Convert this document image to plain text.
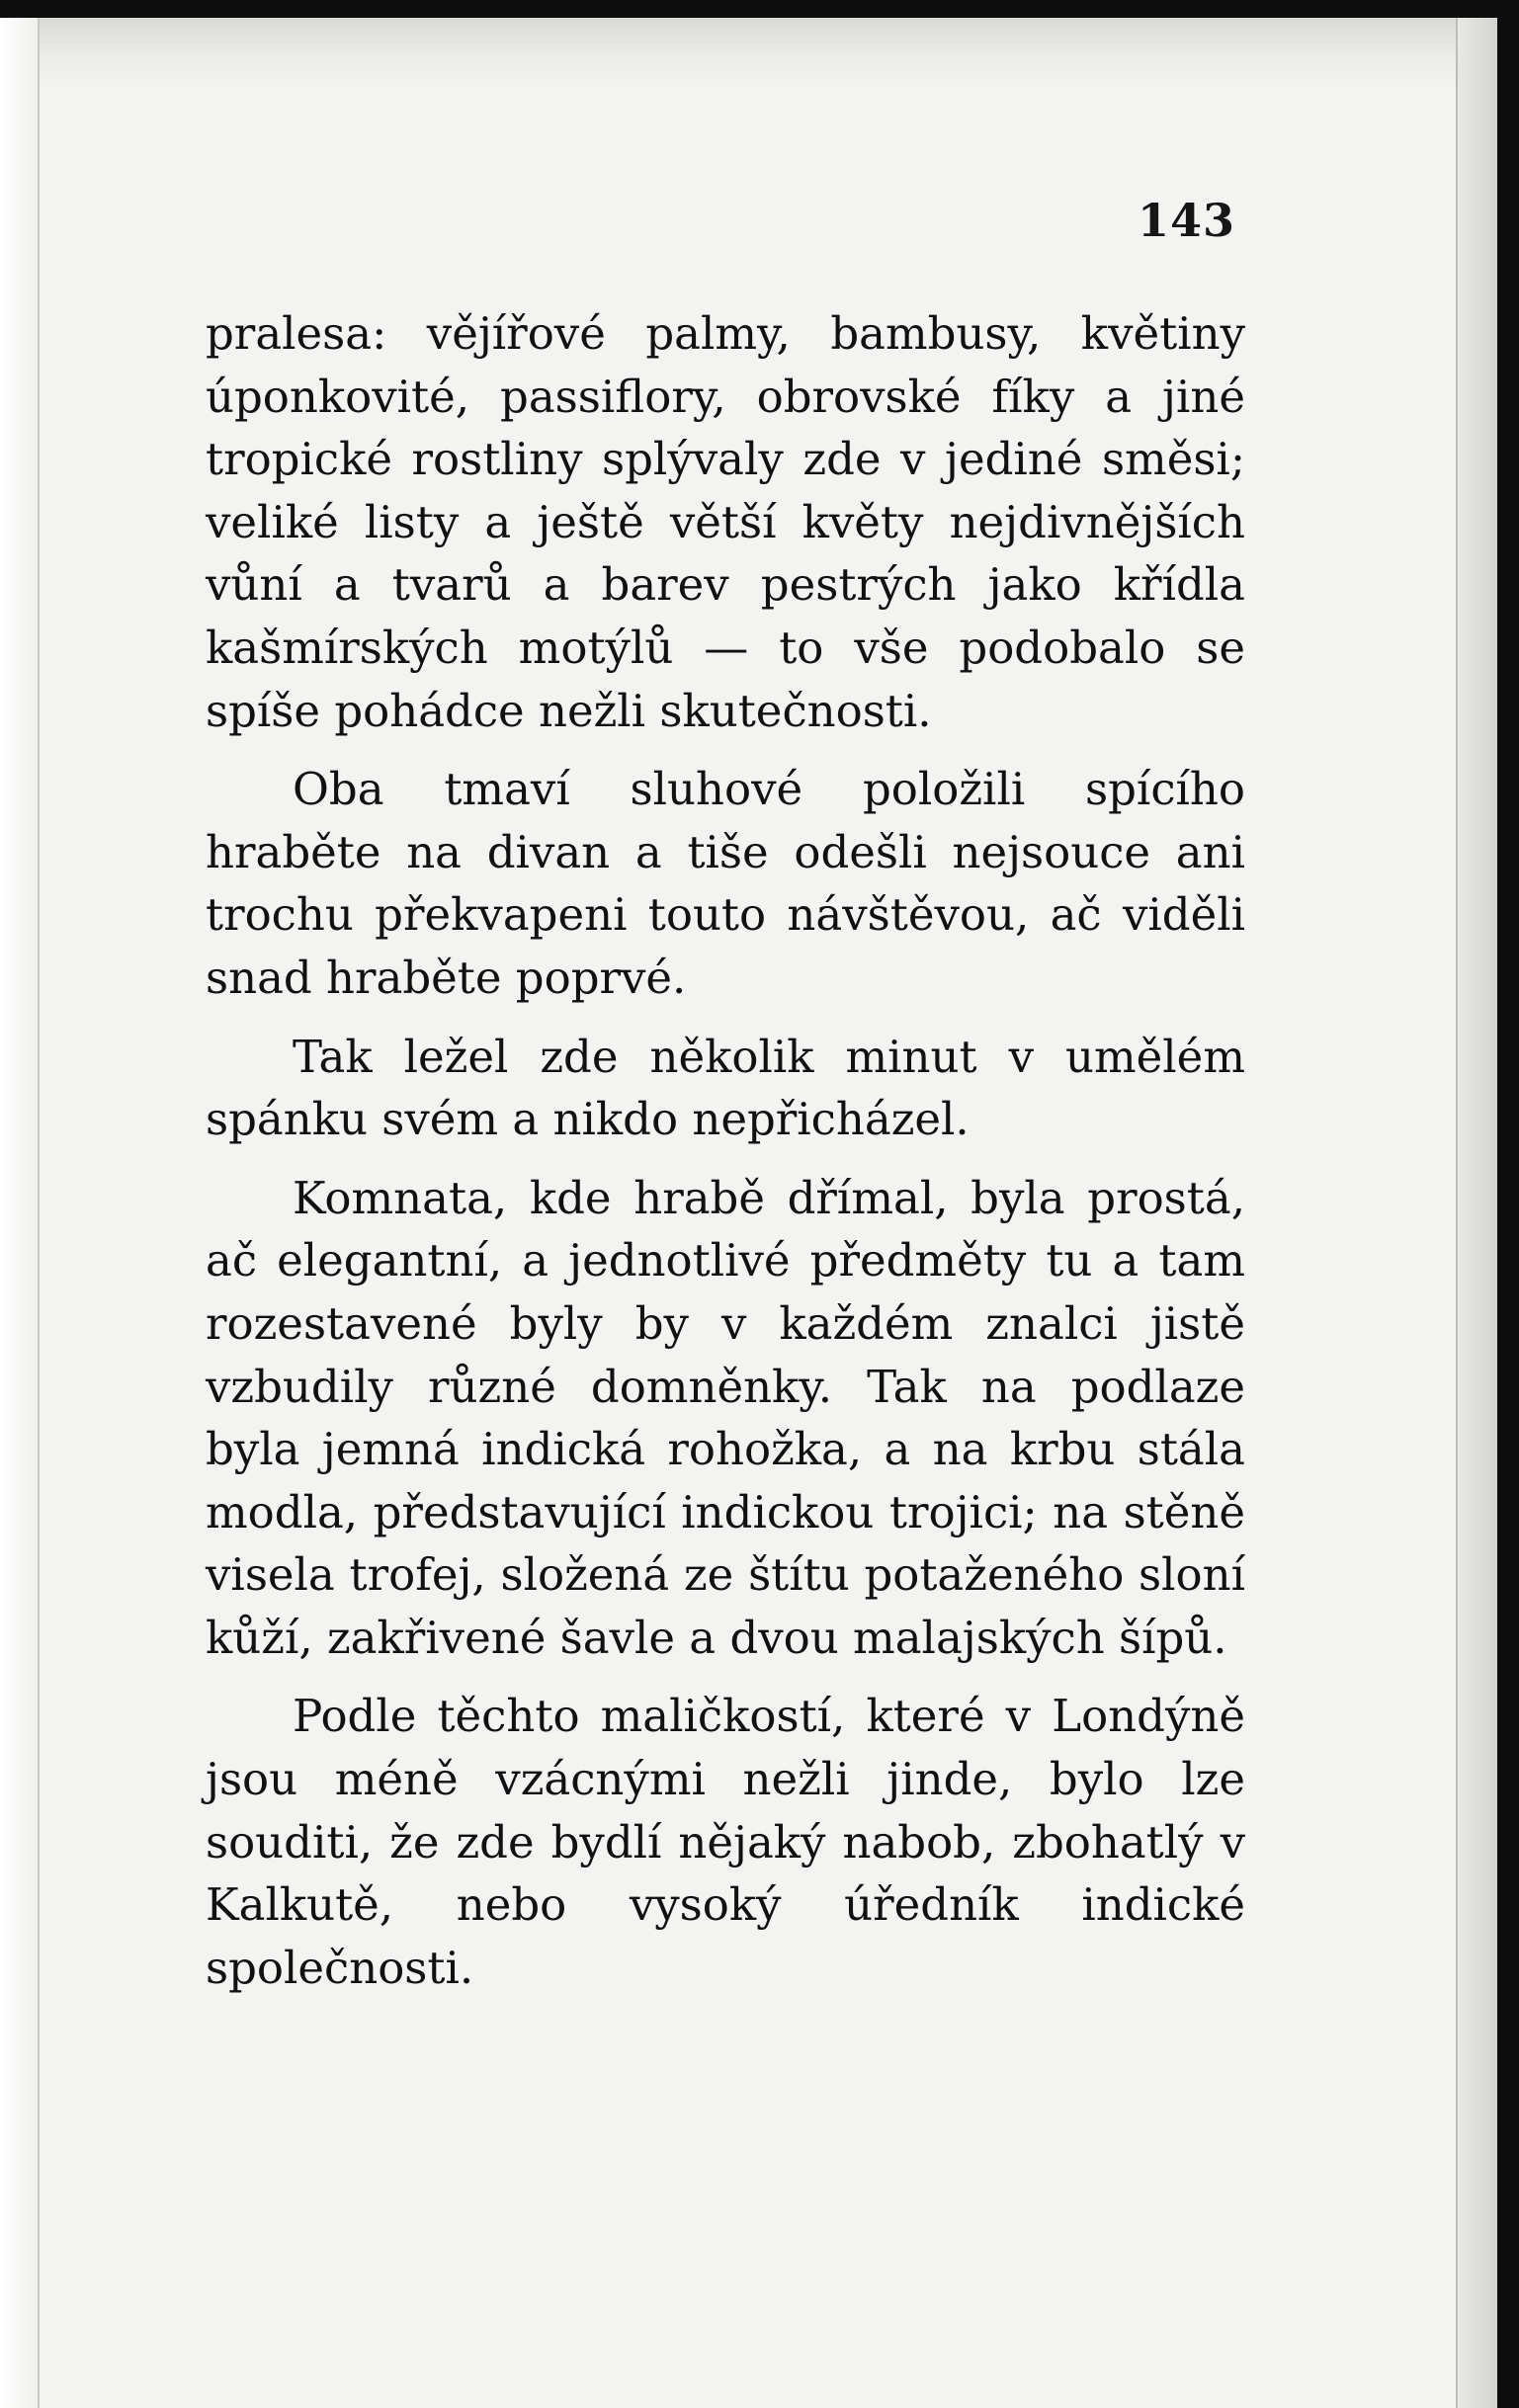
143

pralesa: vějířové palmy, bambusy, květiny úponkovité, passiflory, obrovské fíky a jiné tropické rostliny splývaly zde v jediné směsi; veliké listy a ještě větší květy nejdivnějších vůní a tvarů a barev pestrých jako křídla kašmírských motýlů — to vše podobalo se spíše pohádce nežli skutečnosti.

Oba tmaví sluhové položili spícího hraběte na divan a tiše odešli nejsouce ani trochu překvapeni touto návštěvou, ač viděli snad hraběte poprvé.

Tak ležel zde několik minut v umělém spánku svém a nikdo nepřicházel.

Komnata, kde hrabě dřímal, byla prostá, ač elegantní, a jednotlivé předměty tu a tam rozestavené byly by v každém znalci jistě vzbudily různé domněnky. Tak na podlaze byla jemná indická rohožka, a na krbu stála modla, představující indickou trojici; na stěně visela trofej, složená ze štítu potaženého sloní kůží, zakřivené šavle a dvou malajských šípů.

Podle těchto maličkostí, které v Londýně jsou méně vzácnými nežli jinde, bylo lze souditi, že zde bydlí nějaký nabob, zbohatlý v Kalkutě, nebo vysoký úředník indické společnosti.
